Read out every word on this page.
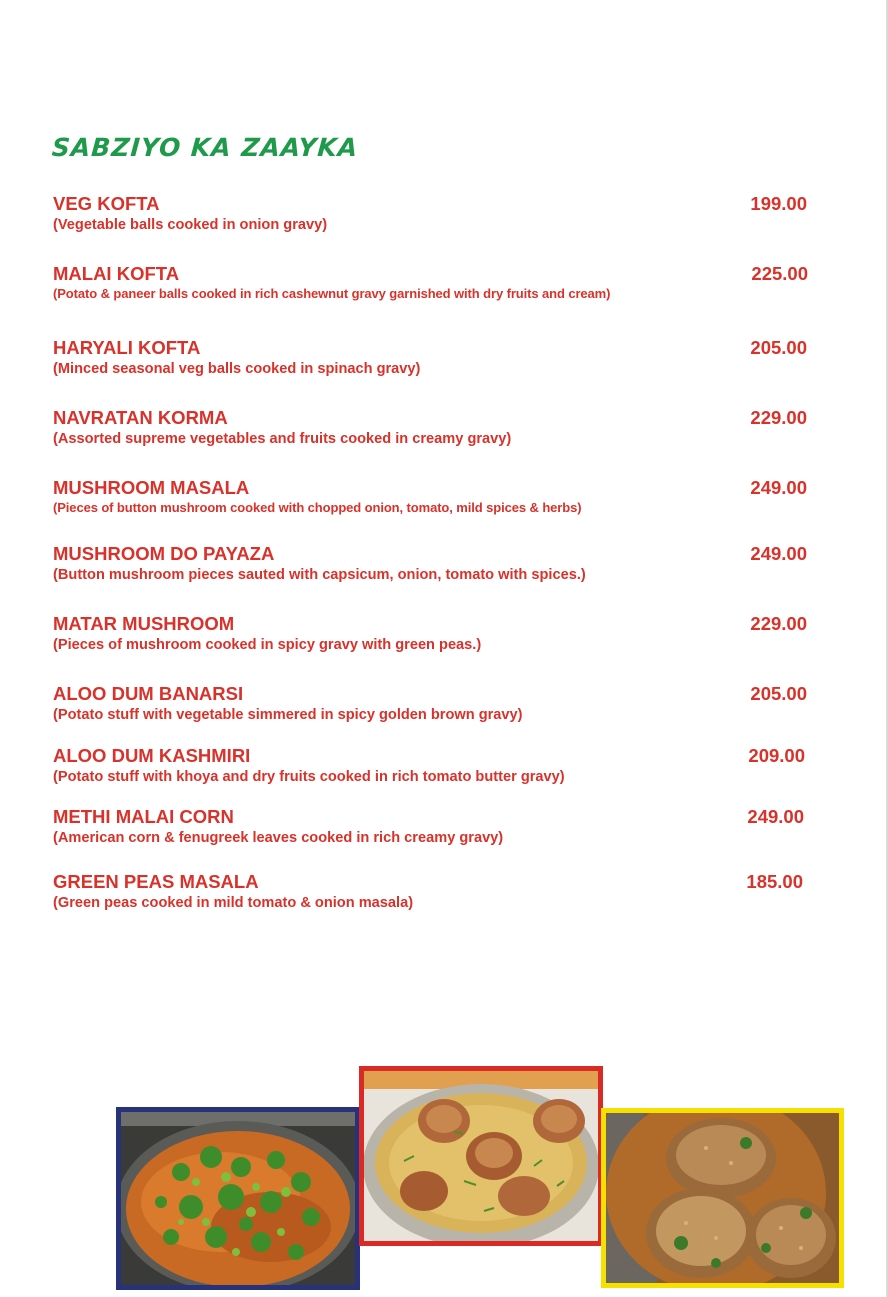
SABZIYO KA ZAAYKA
VEG KOFTA	199.00
(Vegetable balls cooked in onion gravy)
MALAI KOFTA	225.00
(Potato & paneer balls cooked in rich cashewnut gravy garnished with dry fruits and cream)
HARYALI KOFTA	205.00
(Minced seasonal veg balls cooked in spinach gravy)
NAVRATAN KORMA	229.00
(Assorted supreme vegetables and fruits cooked in creamy gravy)
MUSHROOM MASALA	249.00
(Pieces of button mushroom cooked with chopped onion, tomato, mild spices & herbs)
MUSHROOM DO PAYAZA	249.00
(Button mushroom pieces sauted with capsicum, onion, tomato with spices.)
MATAR MUSHROOM	229.00
(Pieces of mushroom cooked in spicy gravy with green peas.)
ALOO DUM BANARSI	205.00
(Potato stuff with vegetable simmered in spicy golden brown gravy)
ALOO DUM KASHMIRI	209.00
(Potato stuff with khoya and dry fruits cooked in rich tomato butter gravy)
METHI MALAI CORN	249.00
(American corn & fenugreek leaves cooked in rich creamy gravy)
GREEN PEAS MASALA	185.00
(Green peas cooked in mild tomato & onion masala)
